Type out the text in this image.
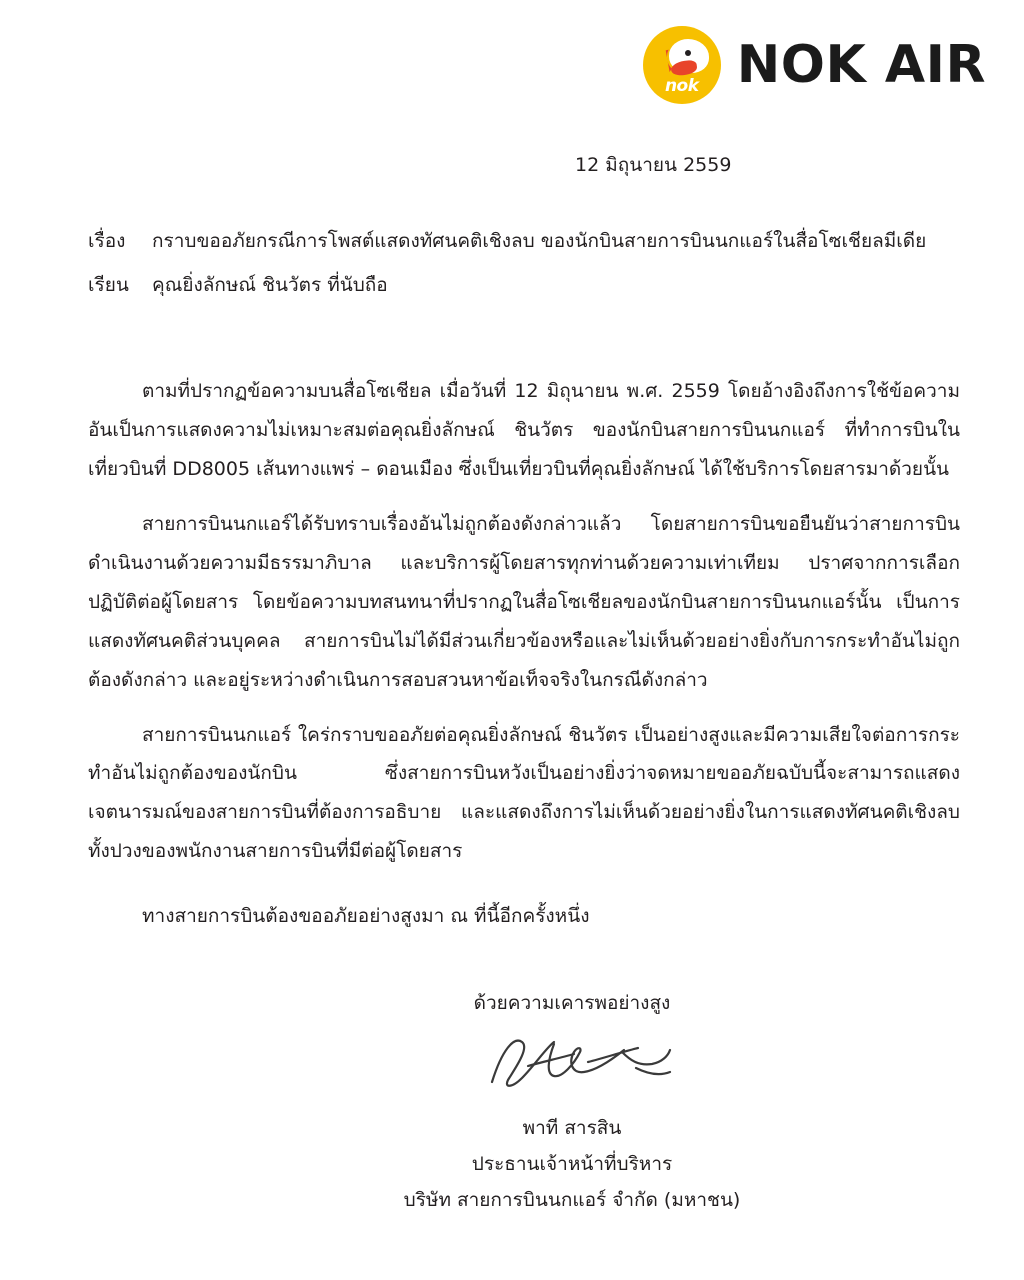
nok NOK AIR
12 มิถุนายน 2559
เรื่อง	กราบขออภัยกรณีการโพสต์แสดงทัศนคติเชิงลบ ของนักบินสายการบินนกแอร์ในสื่อโซเชียลมีเดีย
เรียน	คุณยิ่งลักษณ์ ชินวัตร ที่นับถือ

ตามที่ปรากฏข้อความบนสื่อโซเชียล เมื่อวันที่ 12 มิถุนายน พ.ศ. 2559 โดยอ้างอิงถึงการใช้ข้อความอันเป็นการแสดงความไม่เหมาะสมต่อคุณยิ่งลักษณ์ ชินวัตร ของนักบินสายการบินนกแอร์ ที่ทำการบินในเที่ยวบินที่ DD8005 เส้นทางแพร่ – ดอนเมือง ซึ่งเป็นเที่ยวบินที่คุณยิ่งลักษณ์ ได้ใช้บริการโดยสารมาด้วยนั้น

สายการบินนกแอร์ได้รับทราบเรื่องอันไม่ถูกต้องดังกล่าวแล้ว โดยสายการบินขอยืนยันว่าสายการบินดำเนินงานด้วยความมีธรรมาภิบาล และบริการผู้โดยสารทุกท่านด้วยความเท่าเทียม ปราศจากการเลือกปฏิบัติต่อผู้โดยสาร โดยข้อความบทสนทนาที่ปรากฏในสื่อโซเชียลของนักบินสายการบินนกแอร์นั้น เป็นการแสดงทัศนคติส่วนบุคคล สายการบินไม่ได้มีส่วนเกี่ยวข้องหรือและไม่เห็นด้วยอย่างยิ่งกับการกระทำอันไม่ถูกต้องดังกล่าว และอยู่ระหว่างดำเนินการสอบสวนหาข้อเท็จจริงในกรณีดังกล่าว

สายการบินนกแอร์ ใคร่กราบขออภัยต่อคุณยิ่งลักษณ์ ชินวัตร เป็นอย่างสูงและมีความเสียใจต่อการกระทำอันไม่ถูกต้องของนักบิน ซึ่งสายการบินหวังเป็นอย่างยิ่งว่าจดหมายขออภัยฉบับนี้จะสามารถแสดงเจตนารมณ์ของสายการบินที่ต้องการอธิบาย และแสดงถึงการไม่เห็นด้วยอย่างยิ่งในการแสดงทัศนคติเชิงลบทั้งปวงของพนักงานสายการบินที่มีต่อผู้โดยสาร

ทางสายการบินต้องขออภัยอย่างสูงมา ณ ที่นี้อีกครั้งหนึ่ง

ด้วยความเคารพอย่างสูง
พาที สารสิน
ประธานเจ้าหน้าที่บริหาร
บริษัท สายการบินนกแอร์ จำกัด (มหาชน)
